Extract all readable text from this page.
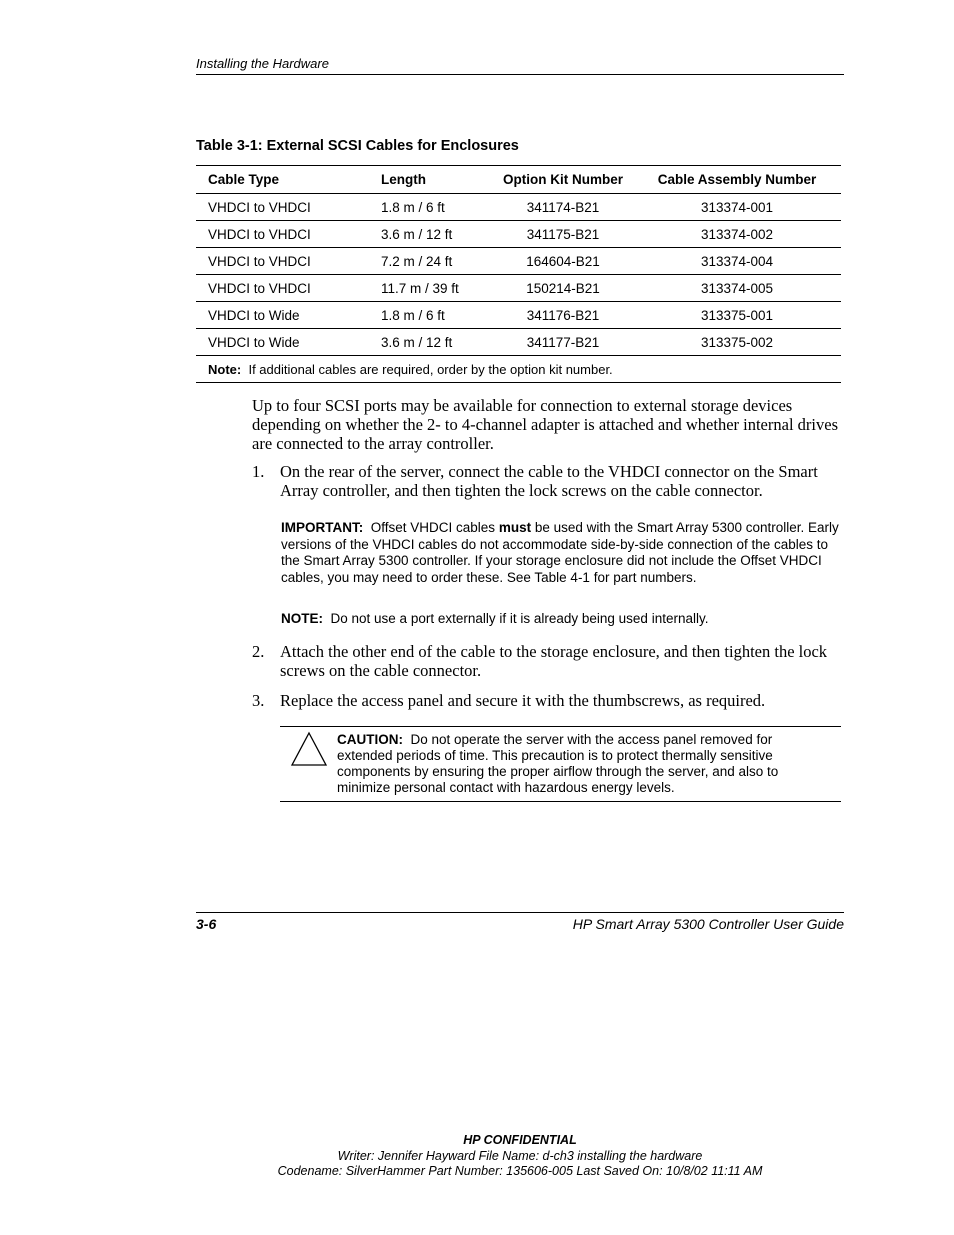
Installing the Hardware
Table 3-1: External SCSI Cables for Enclosures
Cable Type	Length	Option Kit Number	Cable Assembly Number
VHDCI to VHDCI	1.8 m / 6 ft	341174-B21	313374-001
VHDCI to VHDCI	3.6 m / 12 ft	341175-B21	313374-002
VHDCI to VHDCI	7.2 m / 24 ft	164604-B21	313374-004
VHDCI to VHDCI	11.7 m / 39 ft	150214-B21	313374-005
VHDCI to Wide	1.8 m / 6 ft	341176-B21	313375-001
VHDCI to Wide	3.6 m / 12 ft	341177-B21	313375-002
Note: If additional cables are required, order by the option kit number.
Up to four SCSI ports may be available for connection to external storage devices depending on whether the 2- to 4-channel adapter is attached and whether internal drives are connected to the array controller.
1. On the rear of the server, connect the cable to the VHDCI connector on the Smart Array controller, and then tighten the lock screws on the cable connector.
IMPORTANT: Offset VHDCI cables must be used with the Smart Array 5300 controller. Early versions of the VHDCI cables do not accommodate side-by-side connection of the cables to the Smart Array 5300 controller. If your storage enclosure did not include the Offset VHDCI cables, you may need to order these. See Table 4-1 for part numbers.
NOTE: Do not use a port externally if it is already being used internally.
2. Attach the other end of the cable to the storage enclosure, and then tighten the lock screws on the cable connector.
3. Replace the access panel and secure it with the thumbscrews, as required.
CAUTION: Do not operate the server with the access panel removed for extended periods of time. This precaution is to protect thermally sensitive components by ensuring the proper airflow through the server, and also to minimize personal contact with hazardous energy levels.
3-6	HP Smart Array 5300 Controller User Guide
HP CONFIDENTIAL
Writer: Jennifer Hayward File Name: d-ch3 installing the hardware
Codename: SilverHammer Part Number: 135606-005 Last Saved On: 10/8/02 11:11 AM
